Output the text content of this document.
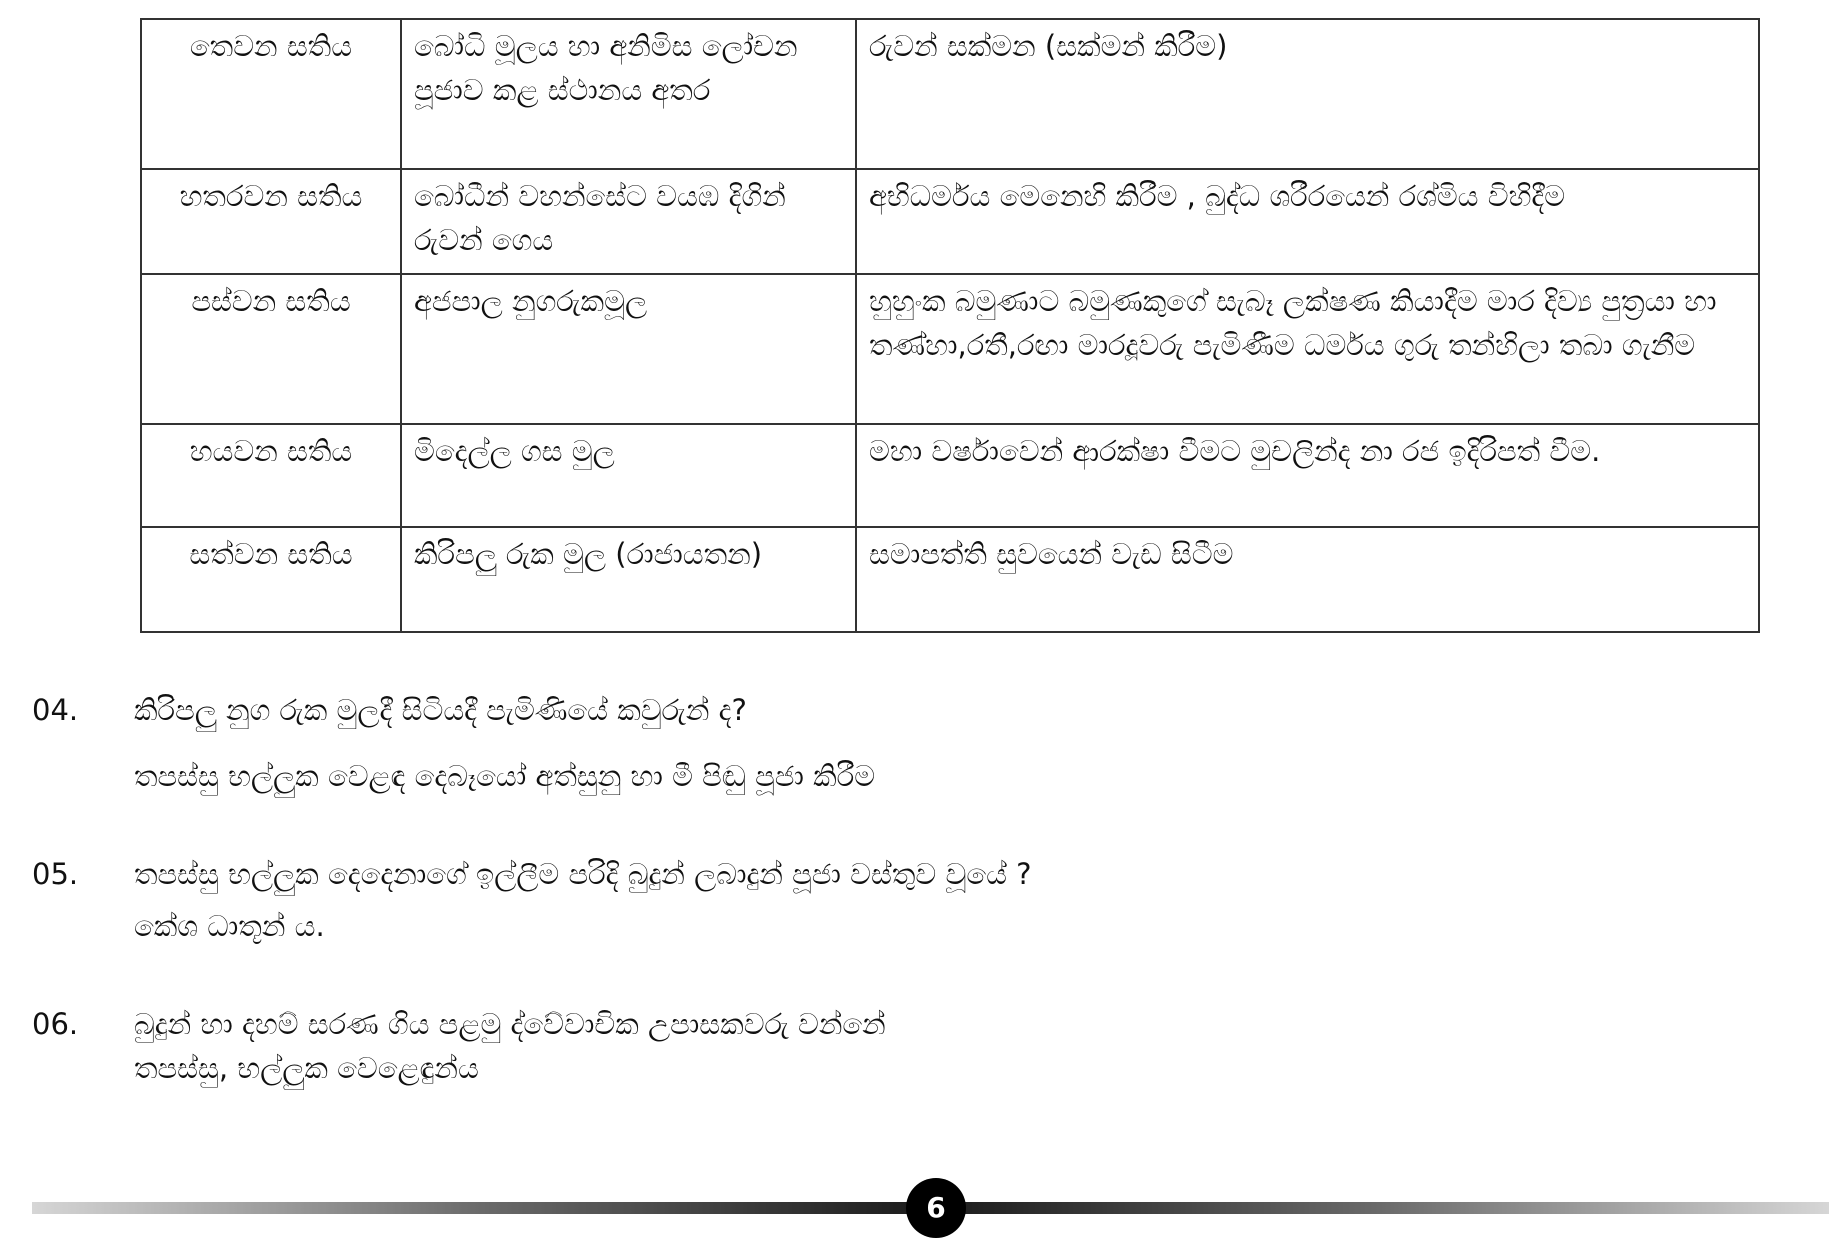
තෙවන සතිය	බෝධි මූලය හා අනිමිස ලෝචන පූජාව කළ ස්ථානය අතර	රුවන් සක්මන (සක්මන් කිරීම)
හතරවන සතිය	බෝධීන් වහන්සේට වයඹ දිගින් රුවන් ගෙය	අභිධර්මය මෙනෙහි කිරීම , බුද්ධ ශරීරයෙන් රශ්මිය විහිදීම
පස්වන සතිය	අජපාල නුගරුකමූල	හුහුංක බමුණාට බමුණකුගේ සැබෑ ලක්ෂණ කියාදීම මාර දිව්‍ය පුත්‍රයා හා තණ්හා,රතී,රඟා මාරදූවරු පැමිණීම ධර්මය ගුරු තන්හිලා තබා ගැනීම
හයවන සතිය	මිදෙල්ල ගස මුල	මහා වර්ෂාවෙන් ආරක්ෂා වීමට මුචලින්ද නා රජ ඉදිරිපත් වීම.
සත්වන සතිය	කිරිපලු රුක මුල (රාජායතන)	සමාපත්ති සුවයෙන් වැඩ සිටීම
04.	කිරිපලු නුග රුක මුලදී සිටියදී පැමිණියේ කවුරුන් ද?
තපස්සු භල්ලුක වෙළඳ දෙබෑයෝ අත්සුනු හා මී පිඬු පූජා කිරීම
05.	තපස්සු භල්ලුක දෙදෙනාගේ ඉල්ලීම පරිදි බුදුන් ලබාදුන් පූජා වස්තුව වූයේ ?
කේශ ධාතූන් ය.
06.	බුදුන් හා දහම් සරණ ගිය පළමු ද්වේවාචික උපාසකවරු වන්නේ
තපස්සු, භල්ලුක වෙළෙඳුන්ය
6
